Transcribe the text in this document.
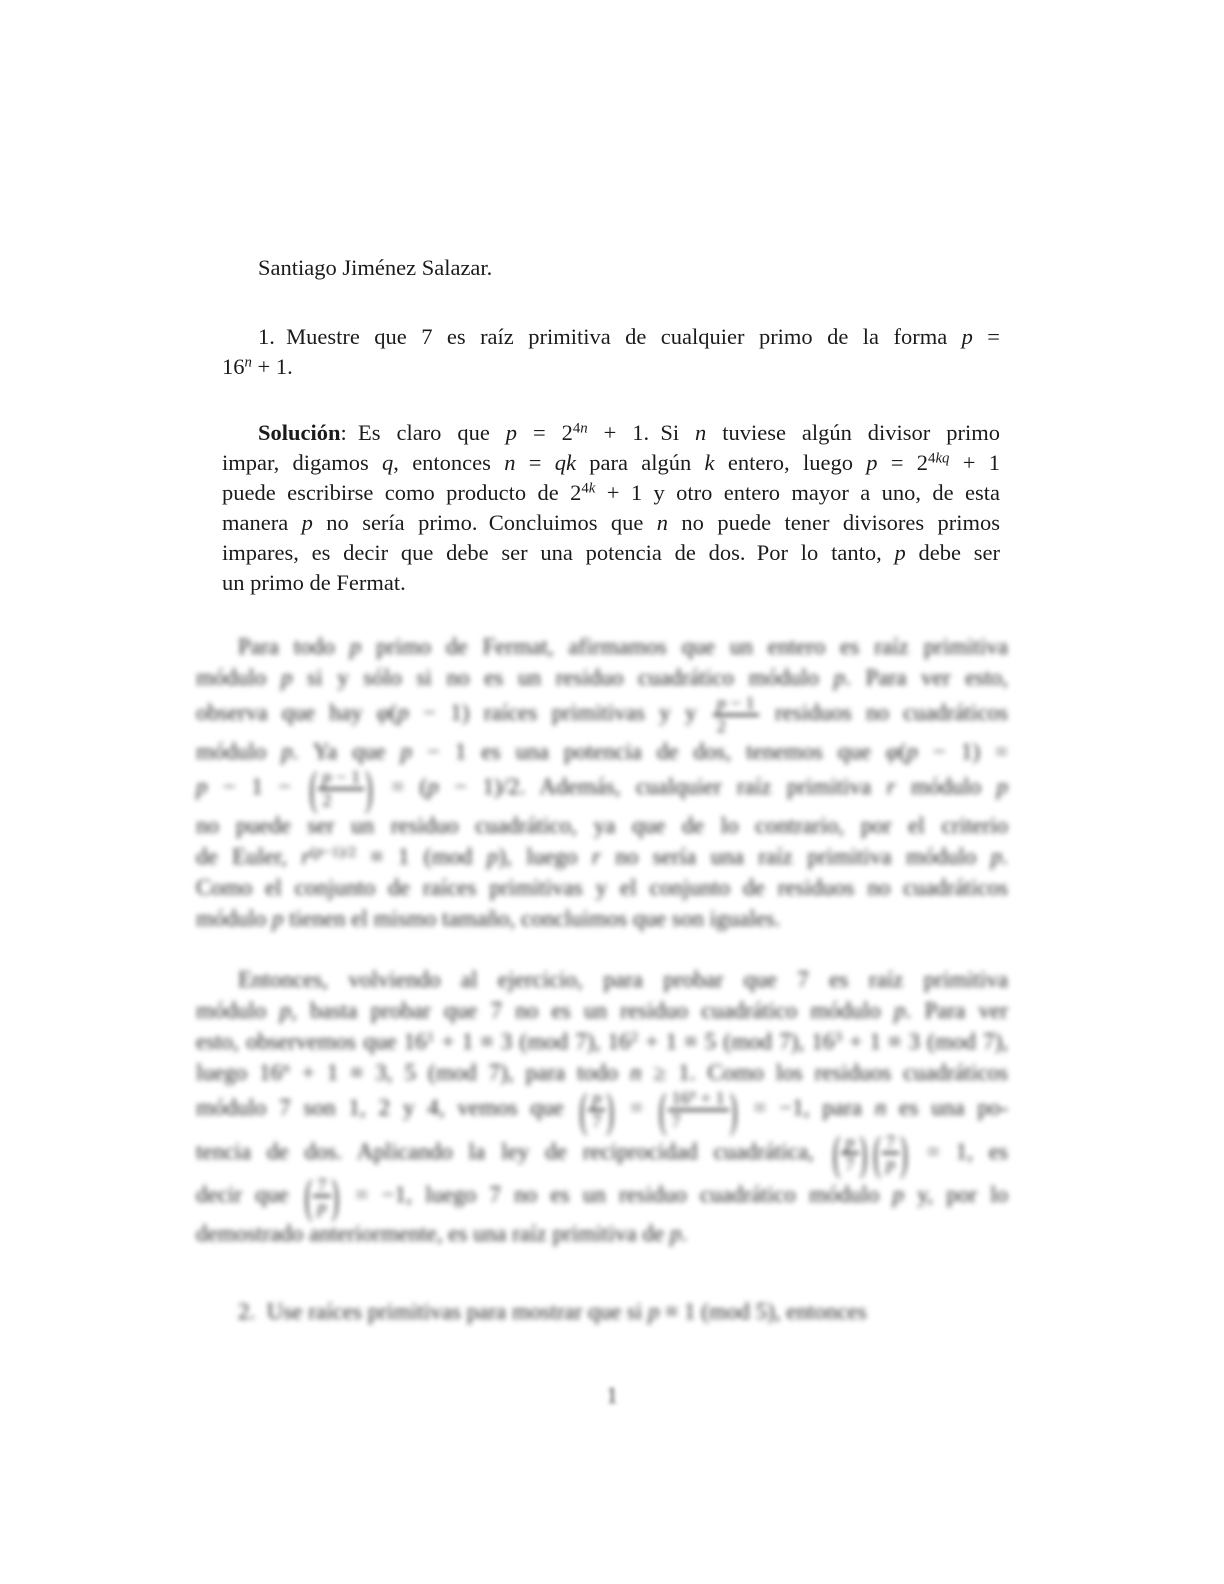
Santiago Jiménez Salazar.
1. Muestre que 7 es raíz primitiva de cualquier primo de la forma p =
$16^n + 1$.
Solución: Es claro que $p = 2^{4n} + 1$. Si n tuviese algún divisor primo
impar, digamos q, entonces n = qk para algún k entero, luego $p = 2^{4kq} + 1$
puede escribirse como producto de $2^{4k} + 1$ y otro entero mayor a uno, de esta
manera p no sería primo. Concluimos que n no puede tener divisores primos
impares, es decir que debe ser una potencia de dos. Por lo tanto, p debe ser
un primo de Fermat.
Para todo p primo de Fermat, afirmamos que un entero es raíz primitiva
módulo p si y sólo si no es un residuo cuadrático módulo p. Para ver esto,
observa que hay φ(p − 1) raíces primitivas y y $\frac{p - 1}{2}$ residuos no cuadráticos
módulo p. Ya que p − 1 es una potencia de dos, tenemos que φ(p − 1) =
p − 1 − ( $\frac{p - 1}{2}$ ) = (p − 1)/2. Además, cualquier raíz primitiva r módulo p
no puede ser un residuo cuadrático, ya que de lo contrario, por el criterio
de Euler, $r^{(p-1)/2} \equiv 1$ (mod p), luego r no sería una raíz primitiva módulo p.
Como el conjunto de raíces primitivas y el conjunto de residuos no cuadráticos
módulo p tienen el mismo tamaño, concluimos que son iguales.
Entonces, volviendo al ejercicio, para probar que 7 es raíz primitiva
módulo p, basta probar que 7 no es un residuo cuadrático módulo p. Para ver
esto, observemos que $16^1 + 1 \equiv 3$ (mod 7), $16^2 + 1 \equiv 5$ (mod 7), $16^3 + 1 \equiv 3$ (mod 7),
luego $16^n + 1 \equiv 3$, 5 (mod 7), para todo n ≥ 1. Como los residuos cuadráticos
módulo 7 son 1, 2 y 4, vemos que ( $\frac{p}{7}$ ) = ( $\frac{16^n + 1}{7}$ ) = −1, para n es una po-
tencia de dos. Aplicando la ley de reciprocidad cuadrática, ( $\frac{p}{7}$ ) ( $\frac{7}{p}$ ) = 1, es
decir que ( $\frac{7}{p}$ ) = −1, luego 7 no es un residuo cuadrático módulo p y, por lo
demostrado anteriormente, es una raíz primitiva de p.
2. Use raíces primitivas para mostrar que si p ≡ 1 (mod 5), entonces
1
